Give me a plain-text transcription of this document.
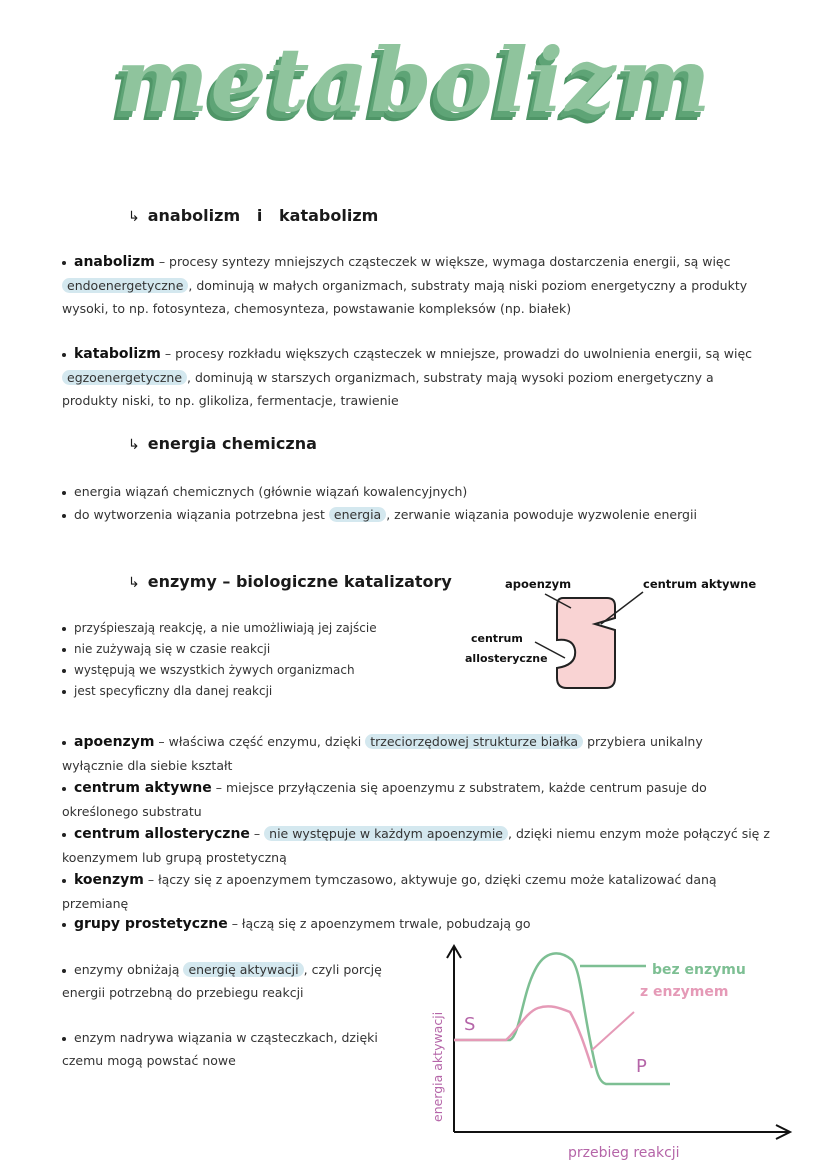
metabolizm
↳ anabolizm   i   katabolizm
anabolizm – procesy syntezy mniejszych cząsteczek w większe, wymaga dostarczenia energii, są więc endoenergetyczne , dominują w małych organizmach, substraty mają niski poziom energetyczny a produkty wysoki, to np. fotosynteza, chemosynteza, powstawanie kompleksów (np. białek)
katabolizm – procesy rozkładu większych cząsteczek w mniejsze, prowadzi do uwolnienia energii, są więc egzoenergetyczne , dominują w starszych organizmach, substraty mają wysoki poziom energetyczny a produkty niski, to np. glikoliza, fermentacje, trawienie
↳ energia chemiczna
energia wiązań chemicznych (głównie wiązań kowalencyjnych)
do wytworzenia wiązania potrzebna jest energia , zerwanie wiązania powoduje wyzwolenie energii
↳ enzymy – biologiczne katalizatory
przyśpieszają reakcję, a nie umożliwiają jej zajście
nie zużywają się w czasie reakcji
występują we wszystkich żywych organizmach
jest specyficzny dla danej reakcji
apoenzym	centrum aktywne
centrum
allosteryczne
apoenzym – właściwa część enzymu, dzięki trzeciorzędowej strukturze białka przybiera unikalny wyłącznie dla siebie kształt
centrum aktywne – miejsce przyłączenia się apoenzymu z substratem, każde centrum pasuje do określonego substratu
centrum allosteryczne – nie występuje w każdym apoenzymie , dzięki niemu enzym może połączyć się z koenzymem lub grupą prostetyczną
koenzym – łączy się z apoenzymem tymczasowo, aktywuje go, dzięki czemu może katalizować daną przemianę
grupy prostetyczne – łączą się z apoenzymem trwale, pobudzają go
enzymy obniżają energię aktywacji , czyli porcję energii potrzebną do przebiegu reakcji
enzym nadrywa wiązania w cząsteczkach, dzięki czemu mogą powstać nowe
bez enzymu
z enzymem
S
P
energia aktywacji
przebieg reakcji
